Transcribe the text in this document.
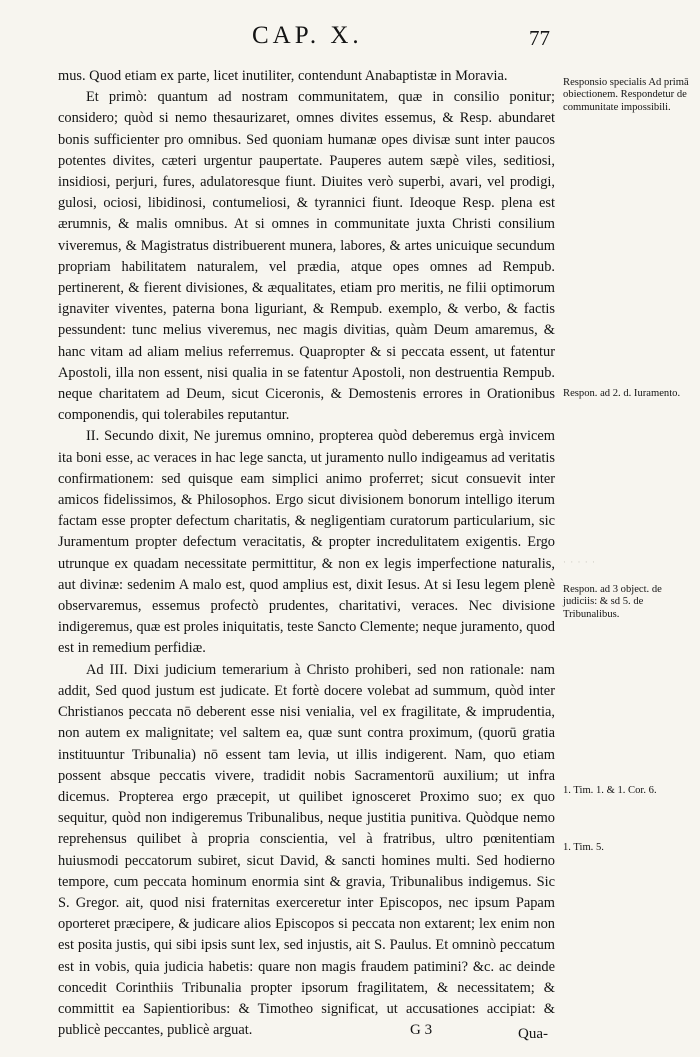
CAP. X.	77

mus. Quod etiam ex parte, licet inutiliter, contendunt Anabaptistæ in Moravia.

Et primò: quantum ad nostram communitatem, quæ in consilio ponitur; considero; quòd si nemo thesaurizaret, omnes divites essemus, & Resp. abundaret bonis sufficienter pro omnibus. Sed quoniam humanæ opes divisæ sunt inter paucos potentes divites, cæteri urgentur paupertate. Pauperes autem sæpè viles, seditiosi, insidiosi, perjuri, fures, adulatoresque fiunt. Diuites verò superbi, avari, vel prodigi, gulosi, ociosi, libidinosi, contumeliosi, & tyrannici fiunt. Ideoque Resp. plena est ærumnis, & malis omnibus. At si omnes in communitate juxta Christi consilium viveremus, & Magistratus distribuerent munera, labores, & artes unicuique secundum propriam habilitatem naturalem, vel prædia, atque opes omnes ad Rempub. pertinerent, & fierent divisiones, & æqualitates, etiam pro meritis, ne filii optimorum ignaviter viventes, paterna bona liguriant, & Rempub. exemplo, & verbo, & factis pessundent: tunc melius viveremus, nec magis divitias, quàm Deum amaremus, & hanc vitam ad aliam melius referremus. Quapropter & si peccata essent, ut fatentur Apostoli, illa non essent, nisi qualia in se fatentur Apostoli, non destruentia Rempub. neque charitatem ad Deum, sicut Ciceronis, & Demostenis errores in Orationibus componendis, qui tolerabiles reputantur.

II. Secundo dixit, Ne juremus omnino, propterea quòd deberemus ergà invicem ita boni esse, ac veraces in hac lege sancta, ut juramento nullo indigeamus ad veritatis confirmationem: sed quisque eam simplici animo proferret; sicut consuevit inter amicos fidelissimos, & Philosophos. Ergo sicut divisionem bonorum intelligo iterum factam esse propter defectum charitatis, & negligentiam curatorum particularium, sic Juramentum propter defectum veracitatis, & propter incredulitatem exigentis. Ergo utrunque ex quadam necessitate permittitur, & non ex legis imperfectione naturalis, aut divinæ: sedenim A malo est, quod amplius est, dixit Iesus. At si Iesu legem plenè observaremus, essemus profectò prudentes, charitativi, veraces. Nec divisione indigeremus, quæ est proles iniquitatis, teste Sancto Clemente; neque juramento, quod est in remedium perfidiæ.

Ad III. Dixi judicium temerarium à Christo prohiberi, sed non rationale: nam addit, Sed quod justum est judicate. Et fortè docere volebat ad summum, quòd inter Christianos peccata nō deberent esse nisi venialia, vel ex fragilitate, & imprudentia, non autem ex malignitate; vel saltem ea, quæ sunt contra proximum, (quorū gratia instituuntur Tribunalia) nō essent tam levia, ut illis indigerent. Nam, quo etiam possent absque peccatis vivere, tradidit nobis Sacramentorū auxilium; ut infra dicemus. Propterea ergo præcepit, ut quilibet ignosceret Proximo suo; ex quo sequitur, quòd non indigeremus Tribunalibus, neque justitia punitiva. Quòdque nemo reprehensus quilibet à propria conscientia, vel à fratribus, ultro pœnitentiam huiusmodi peccatorum subiret, sicut David, & sancti homines multi. Sed hodierno tempore, cum peccata hominum enormia sint & gravia, Tribunalibus indigemus. Sic S. Gregor. ait, quod nisi fraternitas exerceretur inter Episcopos, nec ipsum Papam oporteret præcipere, & judicare alios Episcopos si peccata non extarent; lex enim non est posita justis, qui sibi ipsis sunt lex, sed injustis, ait S. Paulus. Et omninò peccatum est in vobis, quia judicia habetis: quare non magis fraudem patimini? &c. ac deinde concedit Corinthiis Tribunalia propter ipsorum fragilitatem, & necessitatem; & committit ea Sapientioribus: & Timotheo significat, ut accusationes accipiat: & publicè peccantes, publicè arguat.

Responsio specialis Ad primā obiectionem. Respondetur de communitate impossibili.
Respon. ad 2. d. Iuramento.
· · · · ·
Respon. ad 3 object. de judiciis: & sd 5. de Tribunalibus.
1. Tim. 1. & 1. Cor. 6.
1. Tim. 5.
G 3	Qua-
